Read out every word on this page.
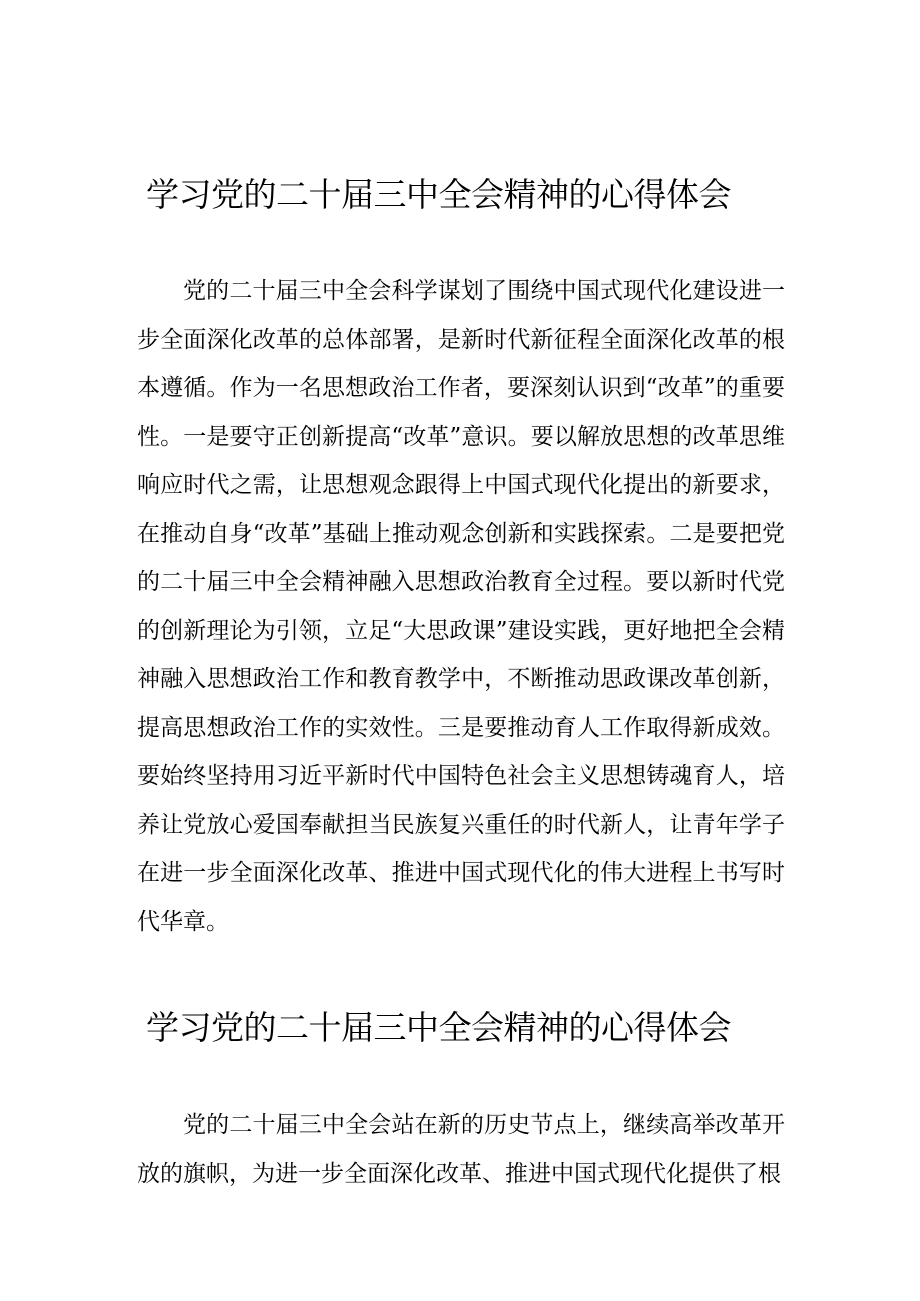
学习党的二十届三中全会精神的心得体会

党的二十届三中全会科学谋划了围绕中国式现代化建设进一步全面深化改革的总体部署，是新时代新征程全面深化改革的根本遵循。作为一名思想政治工作者，要深刻认识到“改革”的重要性。一是要守正创新提高“改革”意识。要以解放思想的改革思维响应时代之需，让思想观念跟得上中国式现代化提出的新要求，在推动自身“改革”基础上推动观念创新和实践探索。二是要把党的二十届三中全会精神融入思想政治教育全过程。要以新时代党的创新理论为引领，立足“大思政课”建设实践，更好地把全会精神融入思想政治工作和教育教学中，不断推动思政课改革创新，提高思想政治工作的实效性。三是要推动育人工作取得新成效。要始终坚持用习近平新时代中国特色社会主义思想铸魂育人，培养让党放心爱国奉献担当民族复兴重任的时代新人，让青年学子在进一步全面深化改革、推进中国式现代化的伟大进程上书写时代华章。

学习党的二十届三中全会精神的心得体会

党的二十届三中全会站在新的历史节点上，继续高举改革开放的旗帜，为进一步全面深化改革、推进中国式现代化提供了根
